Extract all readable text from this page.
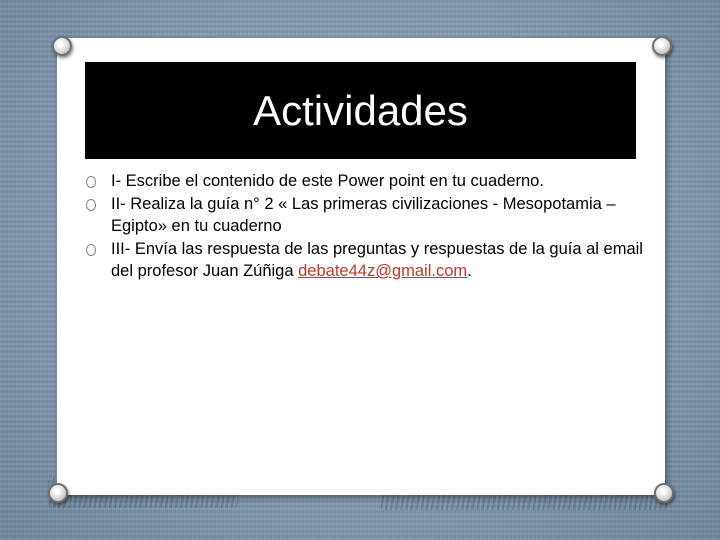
Actividades
I- Escribe el contenido de este Power point en tu cuaderno.
II- Realiza la guía n° 2 « Las primeras civilizaciones - Mesopotamia – Egipto» en tu cuaderno
III- Envía las respuesta de las preguntas y respuestas de la guía al email del profesor Juan Zúñiga debate44z@gmail.com.
